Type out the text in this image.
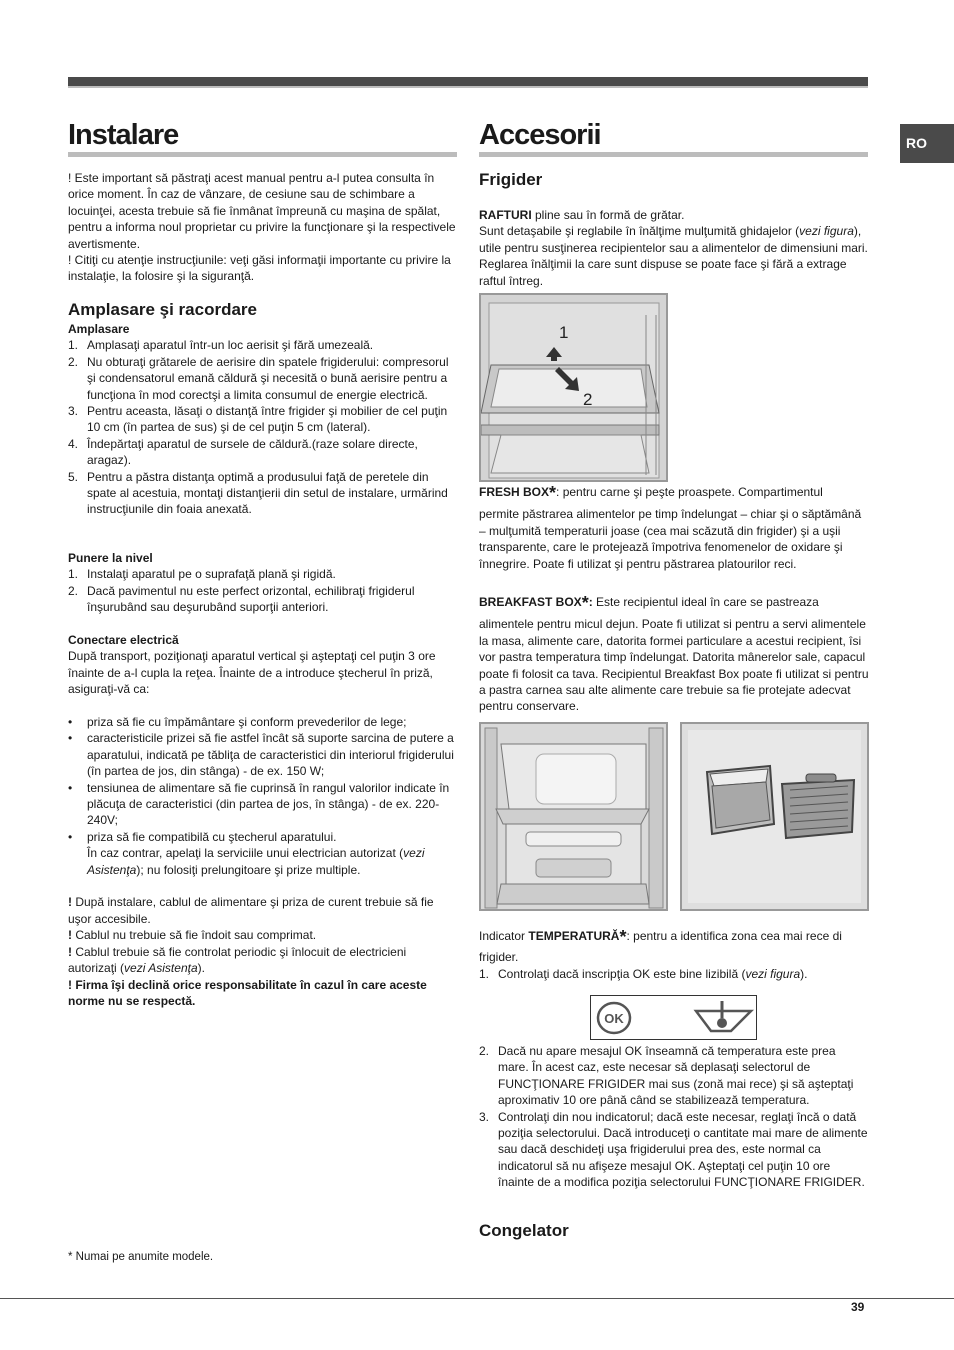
RO
Instalare

! Este important să păstraţi acest manual pentru a-l putea consulta în orice moment. În caz de vânzare, de cesiune sau de schimbare a locuinţei, acesta trebuie să fie înmânat împreună cu maşina de spălat, pentru a informa noul proprietar cu privire la funcţionare şi la respectivele avertismente.

! Citiţi cu atenţie instrucţiunile: veţi găsi informaţii importante cu privire la instalaţie, la folosire şi la siguranţă.

Amplasare şi racordare

Amplasare

1. Amplasaţi aparatul într-un loc aerisit şi fără umezeală.
2. Nu obturaţi grătarele de aerisire din spatele frigiderului: compresorul şi condensatorul emană căldură şi necesită o bună aerisire pentru a funcţiona în mod corectşi a limita consumul de energie electrică.
3. Pentru aceasta, lăsaţi o distanţă între frigider şi mobilier de cel puţin 10 cm (în partea de sus) şi de cel puţin 5 cm (lateral).
4. Îndepărtaţi aparatul de sursele de căldură.(raze solare directe, aragaz).
5. Pentru a păstra distanţa optimă a produsului faţă de peretele din spate al acestuia, montaţi distanţierii din setul de instalare, urmărind instrucţiunile din foaia anexată.

Punere la nivel

1. Instalaţi aparatul pe o suprafaţă plană şi rigidă.
2. Dacă pavimentul nu este perfect orizontal, echilibraţi frigiderul înşurubând sau deşurubând suporţii anteriori.

Conectare electrică

După transport, poziţionaţi aparatul vertical şi aşteptaţi cel puţin 3 ore înainte de a-l cupla la reţea. Înainte de a introduce ştecherul în priză, asiguraţi-vă ca:

• priza să fie cu împământare şi conform prevederilor de lege;
• caracteristicile prizei să fie astfel încât să suporte sarcina de putere a aparatului, indicată pe tăbliţa de caracteristici din interiorul frigiderului (în partea de jos, din stânga) - de ex. 150 W;
• tensiunea de alimentare să fie cuprinsă în rangul valorilor indicate în plăcuţa de caracteristici (din partea de jos, în stânga) - de ex. 220-240V;
• priza să fie compatibilă cu ştecherul aparatului.

În caz contrar, apelaţi la serviciile unui electrician autorizat (vezi Asistenţa); nu folosiţi prelungitoare şi prize multiple.

! După instalare, cablul de alimentare şi priza de curent trebuie să fie uşor accesibile.

! Cablul nu trebuie să fie îndoit sau comprimat.

! Cablul trebuie să fie controlat periodic şi înlocuit de electricieni autorizaţi (vezi Asistenţa).

! Firma îşi declină orice responsabilitate în cazul în care aceste norme nu se respectă.

* Numai pe anumite modele.
Accesorii
Frigider

RAFTURI pline sau în formă de grătar.

Sunt detaşabile şi reglabile în înălţime mulţumită ghidajelor (vezi figura), utile pentru susţinerea recipientelor sau a alimentelor de dimensiuni mari. Reglarea înălţimii la care sunt dispuse se poate face şi fără a extrage raftul întreg.

1
2

FRESH BOX*: pentru carne şi peşte proaspete. Compartimentul

permite păstrarea alimentelor pe timp îndelungat – chiar şi o săptămână – mulţumită temperaturii joase (cea mai scăzută din frigider) şi a uşii transparente, care le protejează împotriva fenomenelor de oxidare şi înnegrire. Poate fi utilizat şi pentru păstrarea platourilor reci.

BREAKFAST BOX*: Este recipientul ideal în care se pastreaza

alimentele pentru micul dejun. Poate fi utilizat si pentru a servi alimentele la masa, alimente care, datorita formei particulare a acestui recipient, îsi vor pastra temperatura timp îndelungat. Datorita mânerelor sale, capacul poate fi folosit ca tava. Recipientul Breakfast Box poate fi utilizat si pentru a pastra carnea sau alte alimente care trebuie sa fie protejate adecvat pentru conservare.

Indicator TEMPERATURĂ*: pentru a identifica zona cea mai rece di

frigider.

1. Controlaţi dacă inscripţia OK este bine lizibilă (vezi figura).
OK
2. Dacă nu apare mesajul OK înseamnă că temperatura este prea mare. În acest caz, este necesar să deplasaţi selectorul de FUNCŢIONARE FRIGIDER mai sus (zonă mai rece) şi să aşteptaţi aproximativ 10 ore până când se stabilizează temperatura.
3. Controlaţi din nou indicatorul; dacă este necesar, reglaţi încă o dată poziţia selectorului. Dacă introduceţi o cantitate mai mare de alimente sau dacă deschideţi uşa frigiderului prea des, este normal ca indicatorul să nu afişeze mesajul OK. Aşteptaţi cel puţin 10 ore înainte de a modifica poziţia selectorului FUNCŢIONARE FRIGIDER.
Congelator
39
